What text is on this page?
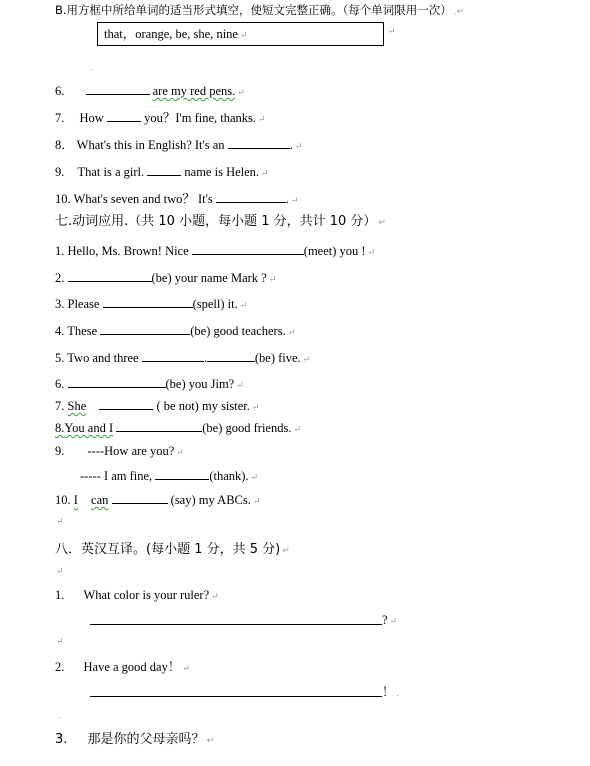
B.用方框中所给单词的适当形式填空，使短文完整正确。（每个单词限用一次） .↵
that，orange, be, she, nine ↵	↵
.
6.	are my red pens. ↵
7. How	you？I'm fine, thanks. ↵
8． What's this in English? It's an	. ↵
9. That is a girl.	name is Helen. ↵
10. What's seven and two？ It's	. ↵
七.动词应用.（共 10 小题，每小题 1 分，共计 10 分） ↵
1. Hello, Ms. Brown! Nice	(meet) you ! ↵
2.	(be) your name Mark ? ↵
3. Please	(spell) it. ↵
4. These	(be) good teachers. ↵
5. Two and three	.	(be) five. ↵
6.	(be) you Jim? ↵
7. She	( be not) my sister. ↵
8.You and I	(be) good friends. ↵
9. ----How are you? ↵
----- I am fine,	(thank). ↵
10. I can	(say) my ABCs. ↵
↵
八．英汉互译。(每小题 1 分，共 5 分) ↵
↵
1. What color is your ruler? ↵
? ↵
↵
2. Have a good day！ ↵
！ .
.
3. 那是你的父母亲吗？ ↵
